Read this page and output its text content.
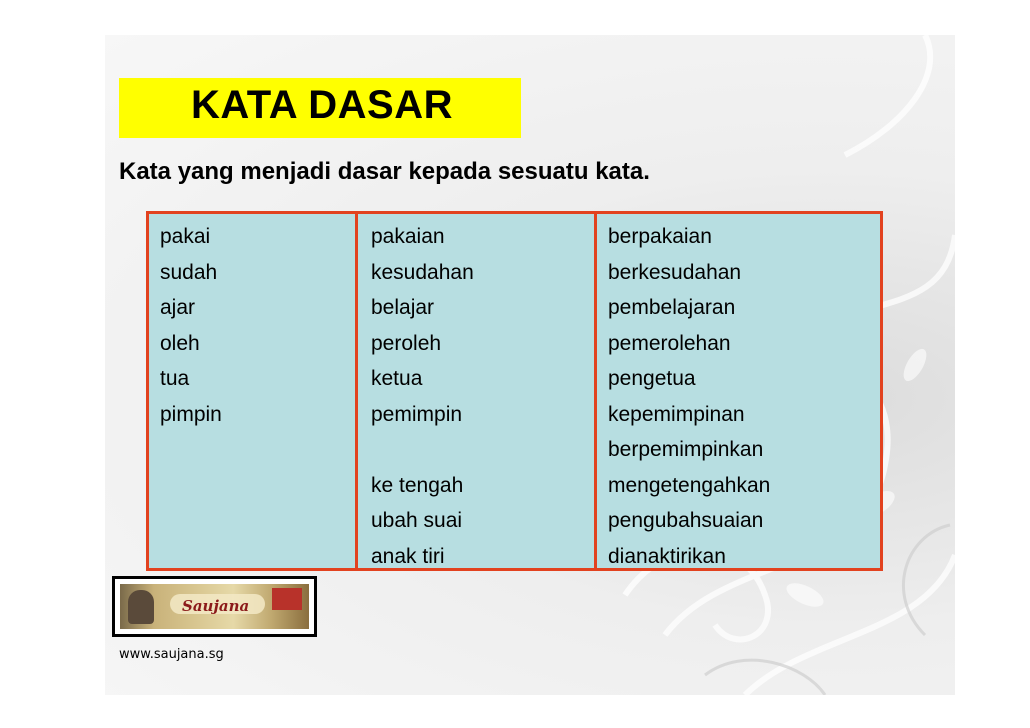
KATA DASAR
Kata yang menjadi dasar kepada sesuatu kata.
pakai
sudah
ajar
oleh
tua
pimpin
pakaian
kesudahan
belajar
peroleh
ketua
pemimpin
ke tengah
ubah suai
anak tiri
berpakaian
berkesudahan
pembelajaran
pemerolehan
pengetua
kepemimpinan
berpemimpinkan
mengetengahkan
pengubahsuaian
dianaktirikan
Saujana
www.saujana.sg
